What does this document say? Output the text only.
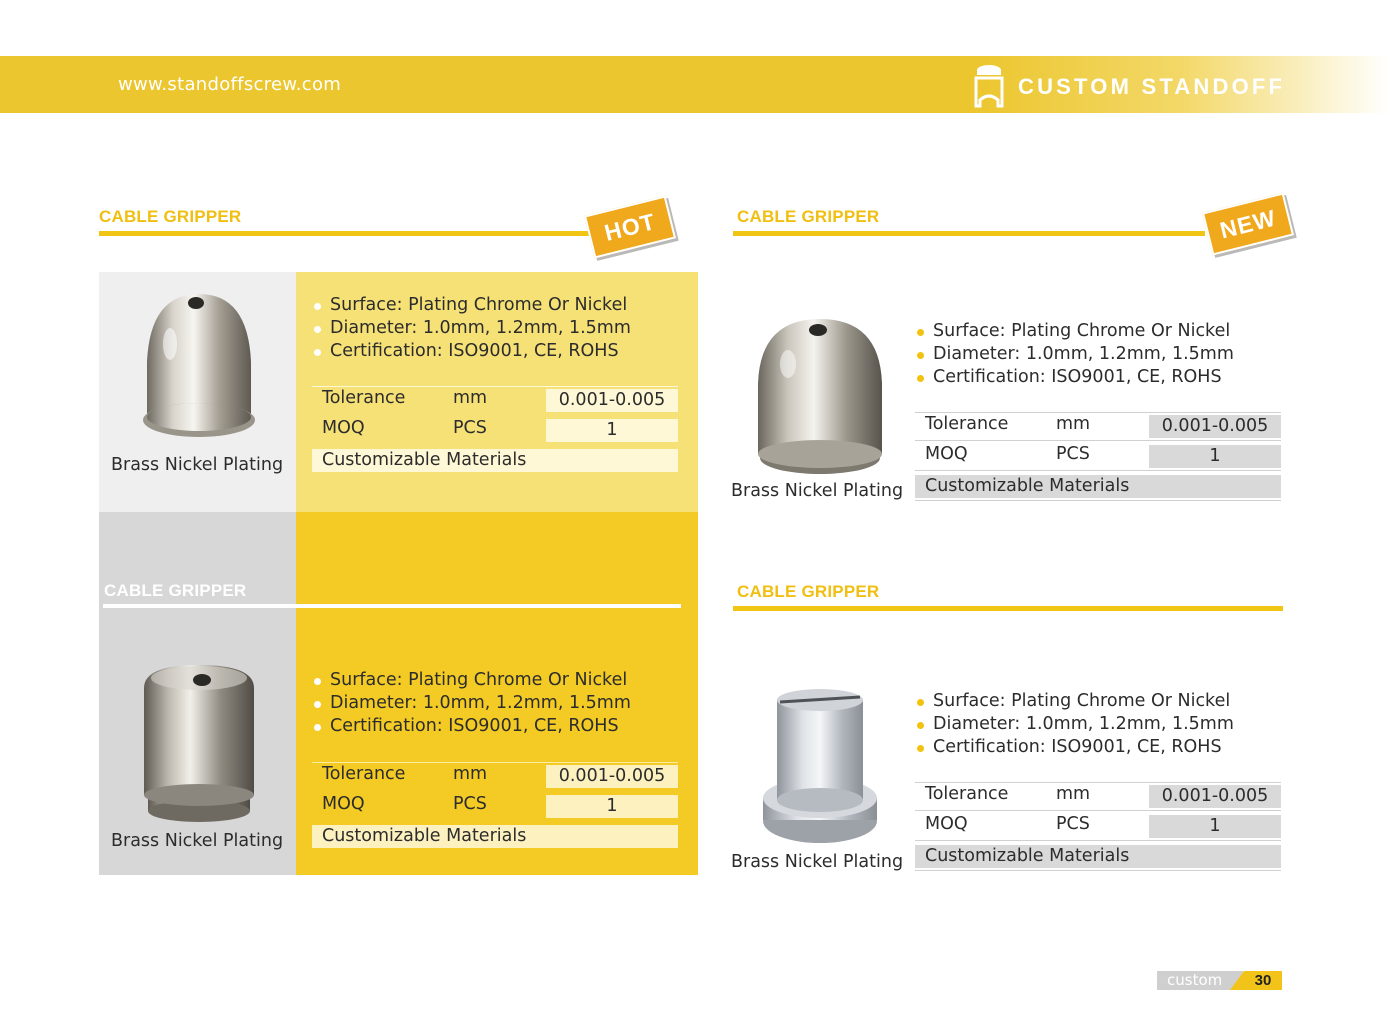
www.standoffscrew.com	CUSTOM STANDOFF
CABLE GRIPPER	HOT
Brass Nickel Plating
Surface: Plating Chrome Or Nickel
Diameter: 1.0mm, 1.2mm, 1.5mm
Certification: ISO9001, CE, ROHS
Tolerance	mm	0.001-0.005
MOQ	PCS	1
Customizable Materials
CABLE GRIPPER
Brass Nickel Plating
Surface: Plating Chrome Or Nickel
Diameter: 1.0mm, 1.2mm, 1.5mm
Certification: ISO9001, CE, ROHS
Tolerance	mm	0.001-0.005
MOQ	PCS	1
Customizable Materials
CABLE GRIPPER	NEW
Brass Nickel Plating
Surface: Plating Chrome Or Nickel
Diameter: 1.0mm, 1.2mm, 1.5mm
Certification: ISO9001, CE, ROHS
Tolerance	mm	0.001-0.005
MOQ	PCS	1
Customizable Materials
CABLE GRIPPER
Brass Nickel Plating
Surface: Plating Chrome Or Nickel
Diameter: 1.0mm, 1.2mm, 1.5mm
Certification: ISO9001, CE, ROHS
Tolerance	mm	0.001-0.005
MOQ	PCS	1
Customizable Materials
custom	30
